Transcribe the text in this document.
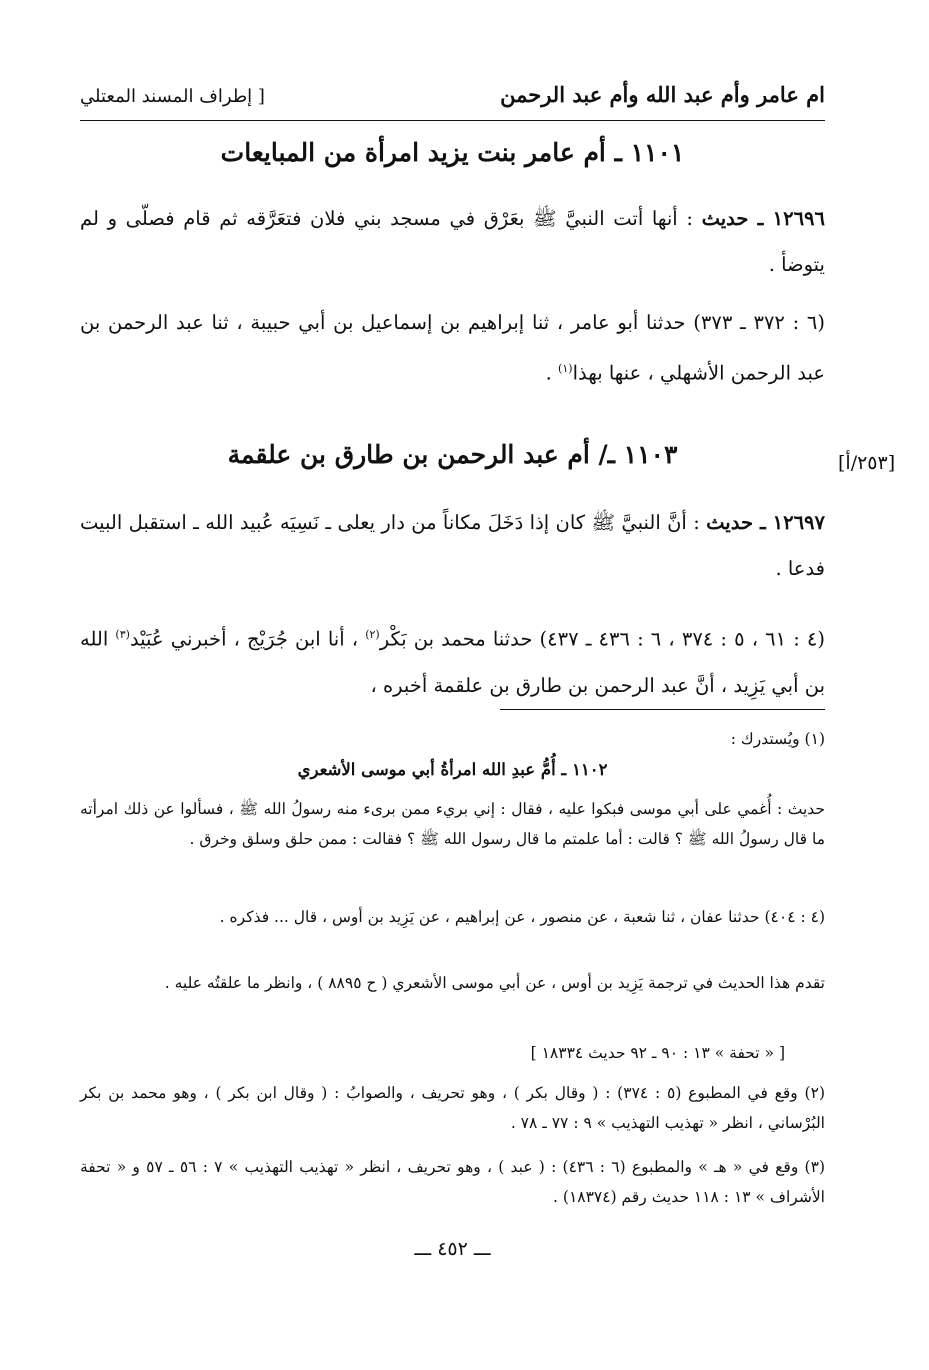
ام عامر وأم عبد الله وأم عبد الرحمن
[ إطراف المسند المعتلي
١١٠١ ـ أم عامر بنت يزيد امرأة من المبايعات
١٢٦٩٦ ـ حديث : أنها أتت النبيَّ ﷺ بعَرْق في مسجد بني فلان فتعَرَّقه ثم قام فصلّى و لم يتوضأ .
(٦ : ٣٧٢ ـ ٣٧٣) حدثنا أبو عامر ، ثنا إبراهيم بن إسماعيل بن أبي حبيبة ، ثنا عبد الرحمن بن عبد الرحمن الأشهلي ، عنها بهذا$^{(١)}$ .
[٢٥٣/أ]
١١٠٣ ـ/ أم عبد الرحمن بن طارق بن علقمة
١٢٦٩٧ ـ حديث : أنَّ النبيَّ ﷺ كان إذا دَخَلَ مكاناً من دار يعلى ـ نَسِيَه عُبيد الله ـ استقبل البيت فدعا .
(٤ : ٦١ ، ٥ : ٣٧٤ ، ٦ : ٤٣٦ ـ ٤٣٧) حدثنا محمد بن بَكْر$^{(٢)}$ ، أنا ابن جُرَيْج ، أخبرني عُبَيْد$^{(٣)}$ الله بن أبي يَزِيد ، أنَّ عبد الرحمن بن طارق بن علقمة أخبره ،
(١) ويُستدرك :
١١٠٢ ـ أُمُّ عبدِ الله امرأةُ أبي موسى الأشعري
حديث : أُغمي على أبي موسى فبكوا عليه ، فقال : إني بريء ممن برىء منه رسولُ الله ﷺ ، فسألوا عن ذلك امرأته ما قال رسولُ الله ﷺ ؟ قالت : أما علمتم ما قال رسول الله ﷺ ؟ فقالت : ممن حلق وسلق وخرق .
(٤ : ٤٠٤) حدثنا عفان ، ثنا شعبة ، عن منصور ، عن إبراهيم ، عن يَزِيد بن أوس ، قال ... فذكره .
تقدم هذا الحديث في ترجمة يَزِيد بن أوس ، عن أبي موسى الأشعري ( ح ٨٨٩٥ ) ، وانظر ما علقتُه عليه .
[ « تحفة » ١٣ : ٩٠ ـ ٩٢ حديث ١٨٣٣٤ ]
(٢) وقع في المطبوع (٥ : ٣٧٤) : ( وقال بكر ) ، وهو تحريف ، والصوابُ : ( وقال ابن بكر ) ، وهو محمد بن بكر البُرْساني ، انظر « تهذيب التهذيب » ٩ : ٧٧ ـ ٧٨ .
(٣) وقع في « هـ » والمطبوع (٦ : ٤٣٦) : ( عبد ) ، وهو تحريف ، انظر « تهذيب التهذيب » ٧ : ٥٦ ـ ٥٧ و « تحفة الأشراف » ١٣ : ١١٨ حديث رقم (١٨٣٧٤) .
ـــ ٤٥٢ ـــ
